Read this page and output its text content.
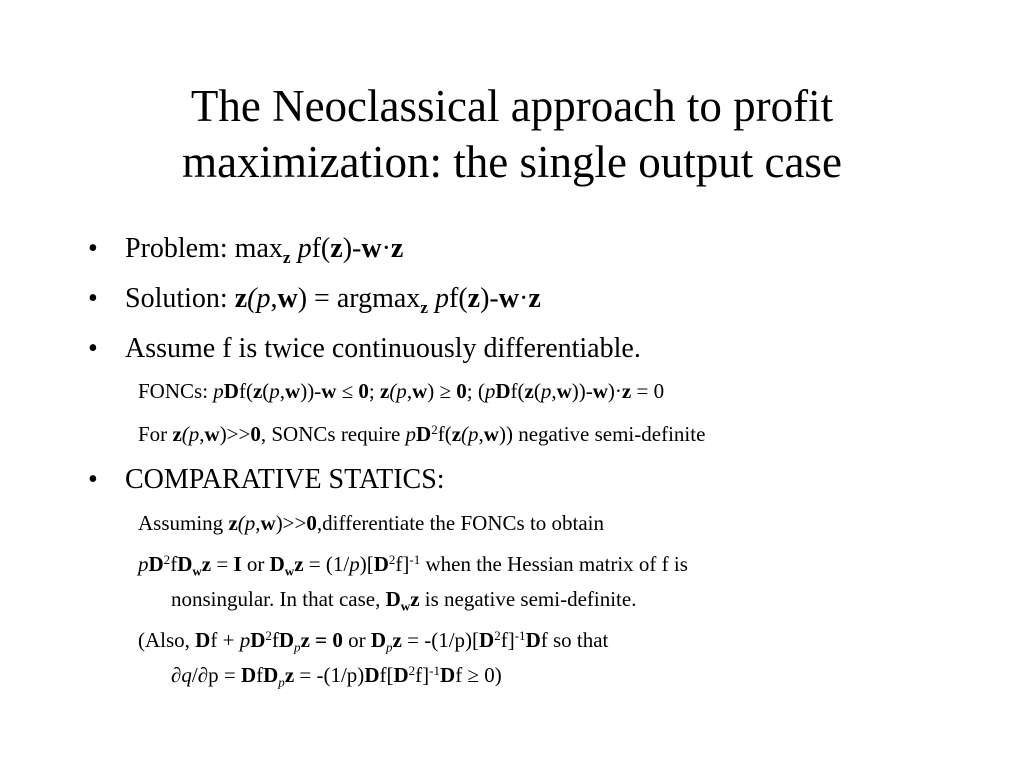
The Neoclassical approach to profit
maximization: the single output case
• Problem: $\max_z pf(z)-w\cdot z$
• Solution: z(p,w) = argmax$_z$ pf(z)-w·z
• Assume f is twice continuously differentiable.
FONCs: pDf(z(p,w))-w ≤ 0; z(p,w) ≥ 0; (pDf(z(p,w))-w)·z = 0
For z(p,w)>>0, SONCs require $pD^2f(z(p,w))$ negative semi-definite
• COMPARATIVE STATICS:
Assuming z(p,w)>>0,differentiate the FONCs to obtain
$pD^2fD_wz = I$ or $D_wz = (1/p)[D^2f]^{-1}$ when the Hessian matrix of f is
nonsingular. In that case, $D_wz$ is negative semi-definite.
(Also, $Df + pD^2fD_pz = 0$ or $D_pz = -(1/p)[D^2f]^{-1}Df$ so that
$\partial q/\partial p = DfD_pz = -(1/p)Df[D^2f]^{-1}Df \ge 0$)
